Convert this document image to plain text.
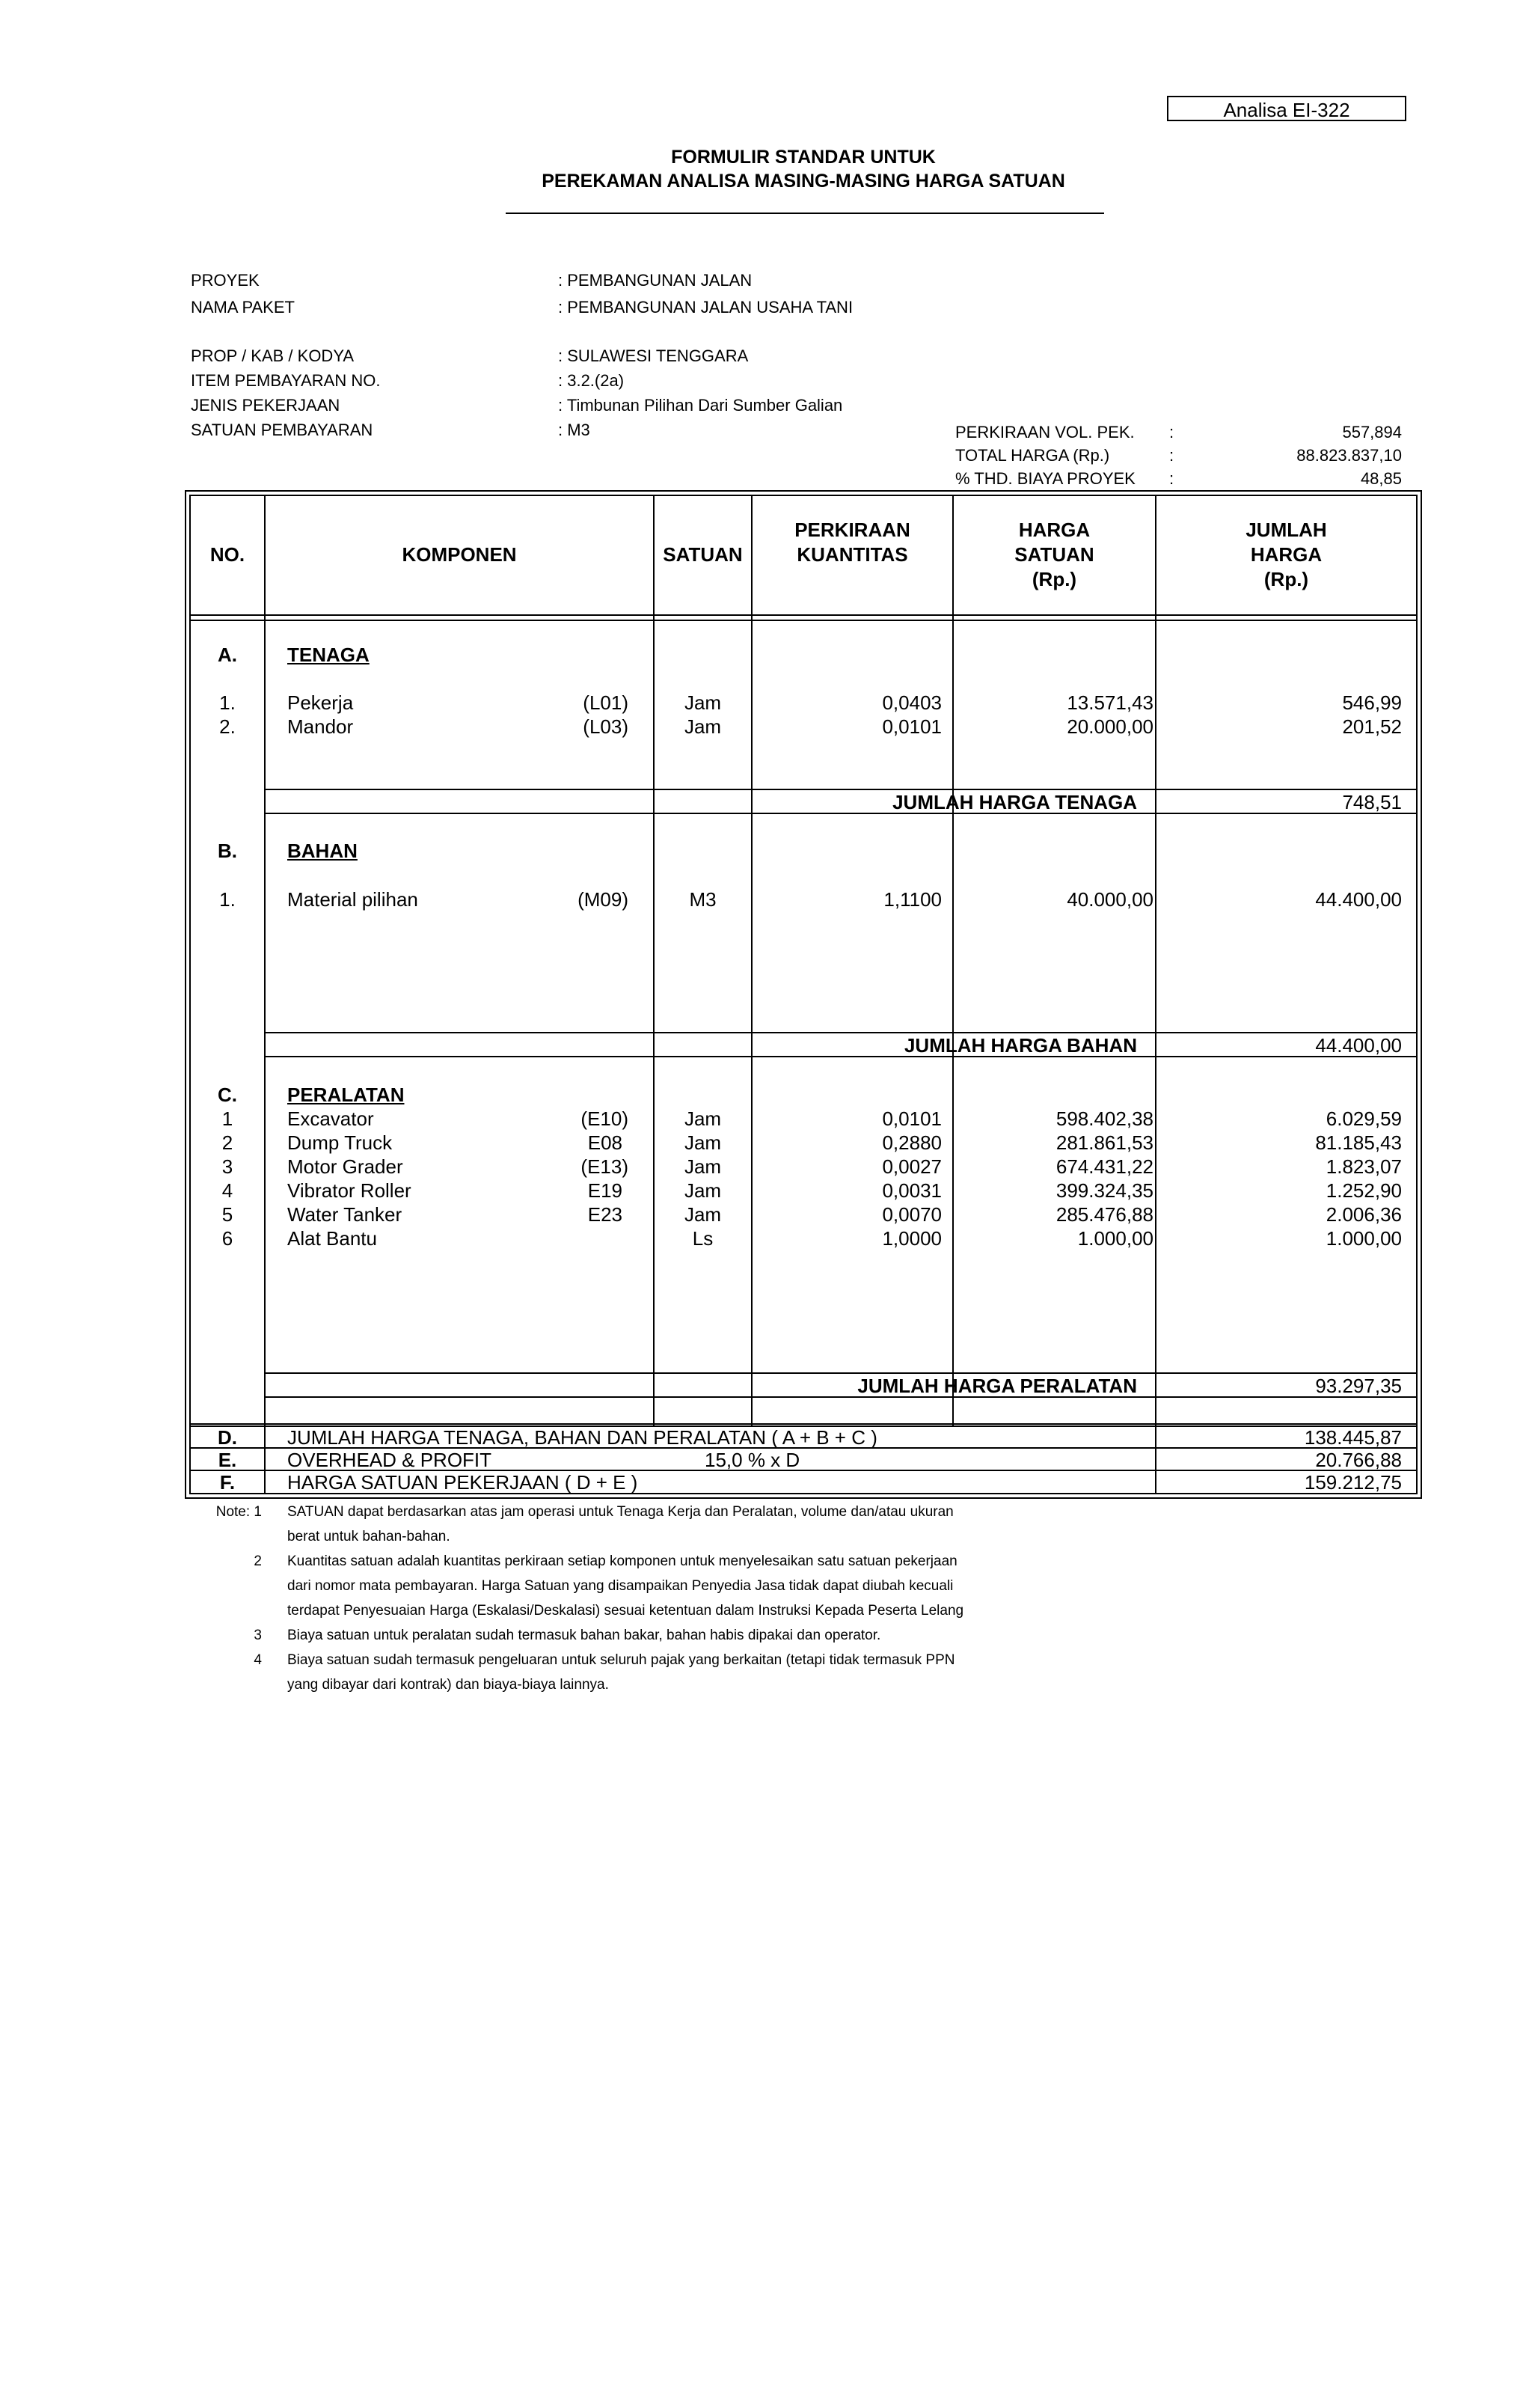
Analisa EI-322
FORMULIR STANDAR UNTUK
PEREKAMAN ANALISA MASING-MASING HARGA SATUAN
PROYEK	: PEMBANGUNAN JALAN
NAMA PAKET	: PEMBANGUNAN JALAN USAHA TANI
PROP / KAB / KODYA	: SULAWESI TENGGARA
ITEM PEMBAYARAN NO.	: 3.2.(2a)
JENIS PEKERJAAN	: Timbunan Pilihan Dari Sumber Galian
SATUAN PEMBAYARAN	: M3	PERKIRAAN VOL. PEK. :	557,894
TOTAL HARGA (Rp.)	:	88.823.837,10
% THD. BIAYA PROYEK :	48,85
NO.	KOMPONEN	SATUAN
PERKIRAAN
KUANTITAS
HARGA
SATUAN
(Rp.)
JUMLAH
HARGA
(Rp.)
A.	TENAGA
1.	Pekerja	(L01)	Jam	0,0403	13.571,43	546,99
2.	Mandor	(L03)	Jam	0,0101	20.000,00	201,52
JUMLAH HARGA TENAGA	748,51
B.	BAHAN
1.	Material pilihan	(M09)	M3	1,1100	40.000,00	44.400,00
JUMLAH HARGA BAHAN	44.400,00
C.	PERALATAN
1	Excavator	(E10)	Jam	0,0101	598.402,38	6.029,59
2	Dump Truck	E08	Jam	0,2880	281.861,53	81.185,43
3	Motor Grader	(E13)	Jam	0,0027	674.431,22	1.823,07
4	Vibrator Roller	E19	Jam	0,0031	399.324,35	1.252,90
5	Water Tanker	E23	Jam	0,0070	285.476,88	2.006,36
6	Alat Bantu	Ls	1,0000	1.000,00	1.000,00
JUMLAH HARGA PERALATAN	93.297,35
D.	JUMLAH HARGA TENAGA, BAHAN DAN PERALATAN ( A + B + C )	138.445,87
E.	OVERHEAD & PROFIT	15,0 % x D	20.766,88
F.	HARGA SATUAN PEKERJAAN ( D + E )	159.212,75
Note: 1 SATUAN dapat berdasarkan atas jam operasi untuk Tenaga Kerja dan Peralatan, volume dan/atau ukuran
berat untuk bahan-bahan.
2 Kuantitas satuan adalah kuantitas perkiraan setiap komponen untuk menyelesaikan satu satuan pekerjaan
dari nomor mata pembayaran. Harga Satuan yang disampaikan Penyedia Jasa tidak dapat diubah kecuali
terdapat Penyesuaian Harga (Eskalasi/Deskalasi) sesuai ketentuan dalam Instruksi Kepada Peserta Lelang
3 Biaya satuan untuk peralatan sudah termasuk bahan bakar, bahan habis dipakai dan operator.
4 Biaya satuan sudah termasuk pengeluaran untuk seluruh pajak yang berkaitan (tetapi tidak termasuk PPN
yang dibayar dari kontrak) dan biaya-biaya lainnya.
